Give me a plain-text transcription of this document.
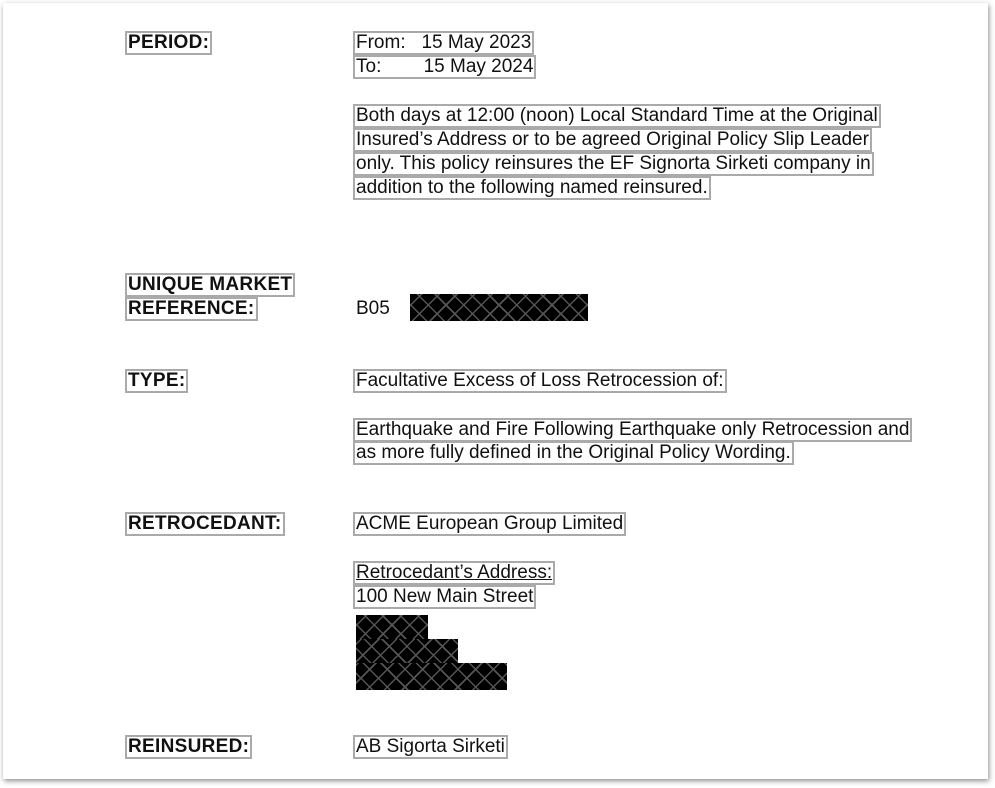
PERIOD:	From:   15 May 2023
To:        15 May 2024
Both days at 12:00 (noon) Local Standard Time at the Original
Insured’s Address or to be agreed Original Policy Slip Leader
only. This policy reinsures the EF Signorta Sirketi company in
addition to the following named reinsured.
UNIQUE MARKET
REFERENCE:	B05
TYPE:	Facultative Excess of Loss Retrocession of:
Earthquake and Fire Following Earthquake only Retrocession and
as more fully defined in the Original Policy Wording.
RETROCEDANT:	ACME European Group Limited
Retrocedant’s Address:
100 New Main Street
REINSURED:	AB Sigorta Sirketi
